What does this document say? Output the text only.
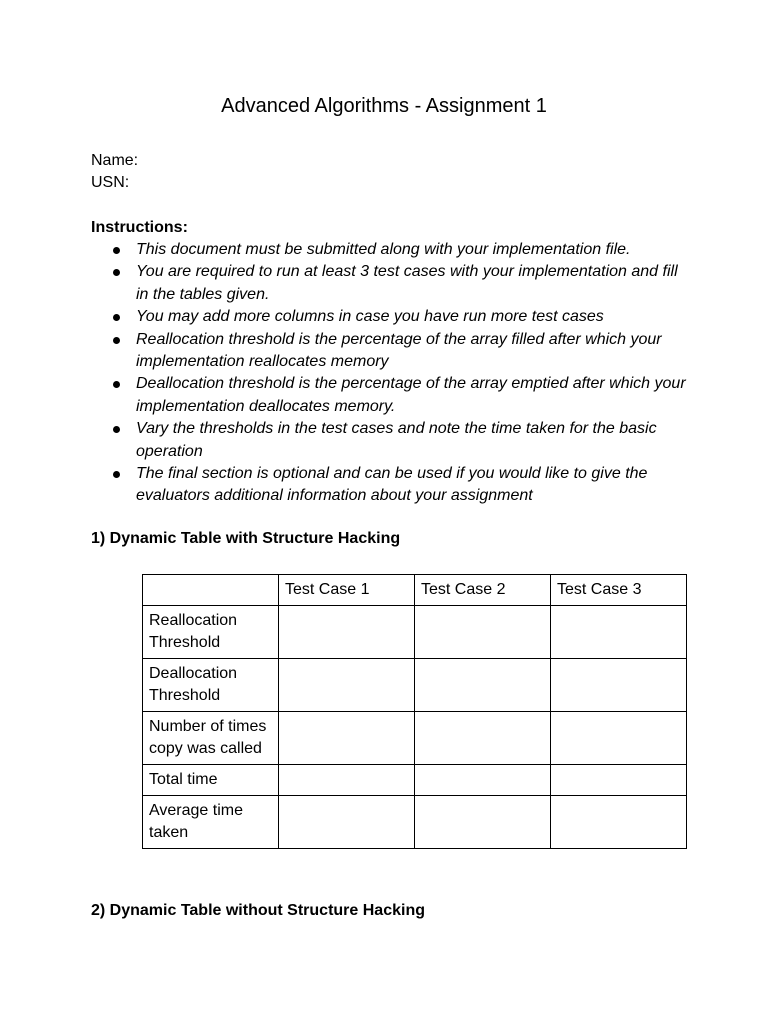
Advanced Algorithms - Assignment 1
Name:
USN:
Instructions:
This document must be submitted along with your implementation file.
You are required to run at least 3 test cases with your implementation and fill in the tables given.
You may add more columns in case you have run more test cases
Reallocation threshold is the percentage of the array filled after which your implementation reallocates memory
Deallocation threshold is the percentage of the array emptied after which your implementation deallocates memory.
Vary the thresholds in the test cases and note the time taken for the basic operation
The final section is optional and can be used if you would like to give the evaluators additional information about your assignment
1) Dynamic Table with Structure Hacking
	Test Case 1	Test Case 2	Test Case 3
Reallocation Threshold			
Deallocation Threshold			
Number of times copy was called			
Total time			
Average time taken			
2) Dynamic Table without Structure Hacking
